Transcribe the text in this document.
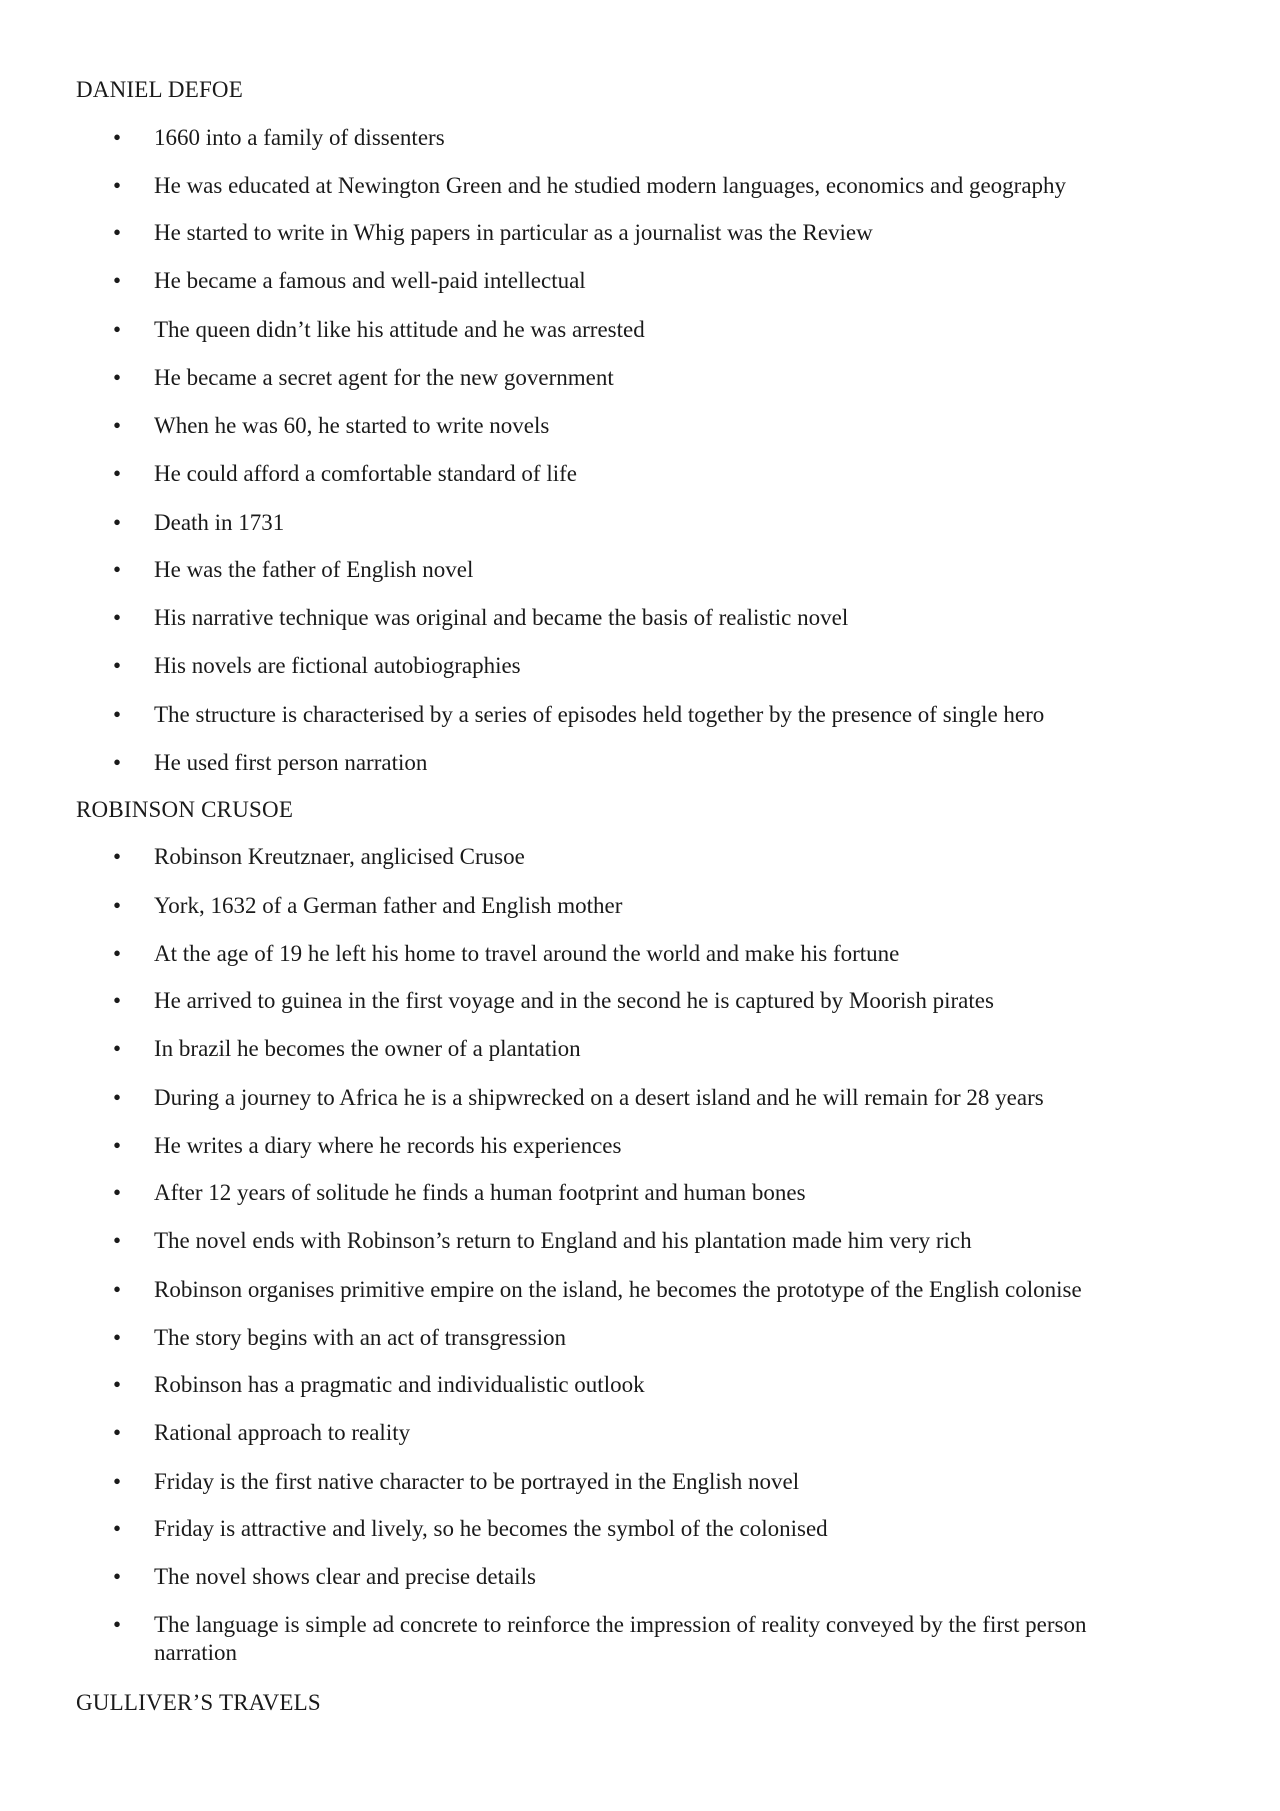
DANIEL DEFOE
• 1660 into a family of dissenters
• He was educated at Newington Green and he studied modern languages, economics and geography
• He started to write in Whig papers in particular as a journalist was the Review
• He became a famous and well-paid intellectual
• The queen didn’t like his attitude and he was arrested
• He became a secret agent for the new government
• When he was 60, he started to write novels
• He could afford a comfortable standard of life
• Death in 1731
• He was the father of English novel
• His narrative technique was original and became the basis of realistic novel
• His novels are fictional autobiographies
• The structure is characterised by a series of episodes held together by the presence of single hero
• He used first person narration
ROBINSON CRUSOE
• Robinson Kreutznaer, anglicised Crusoe
• York, 1632 of a German father and English mother
• At the age of 19 he left his home to travel around the world and make his fortune
• He arrived to guinea in the first voyage and in the second he is captured by Moorish pirates
• In brazil he becomes the owner of a plantation
• During a journey to Africa he is a shipwrecked on a desert island and he will remain for 28 years
• He writes a diary where he records his experiences
• After 12 years of solitude he finds a human footprint and human bones
• The novel ends with Robinson’s return to England and his plantation made him very rich
• Robinson organises primitive empire on the island, he becomes the prototype of the English colonise
• The story begins with an act of transgression
• Robinson has a pragmatic and individualistic outlook
• Rational approach to reality
• Friday is the first native character to be portrayed in the English novel
• Friday is attractive and lively, so he becomes the symbol of the colonised
• The novel shows clear and precise details
• The language is simple ad concrete to reinforce the impression of reality conveyed by the first person narration
GULLIVER’S TRAVELS
